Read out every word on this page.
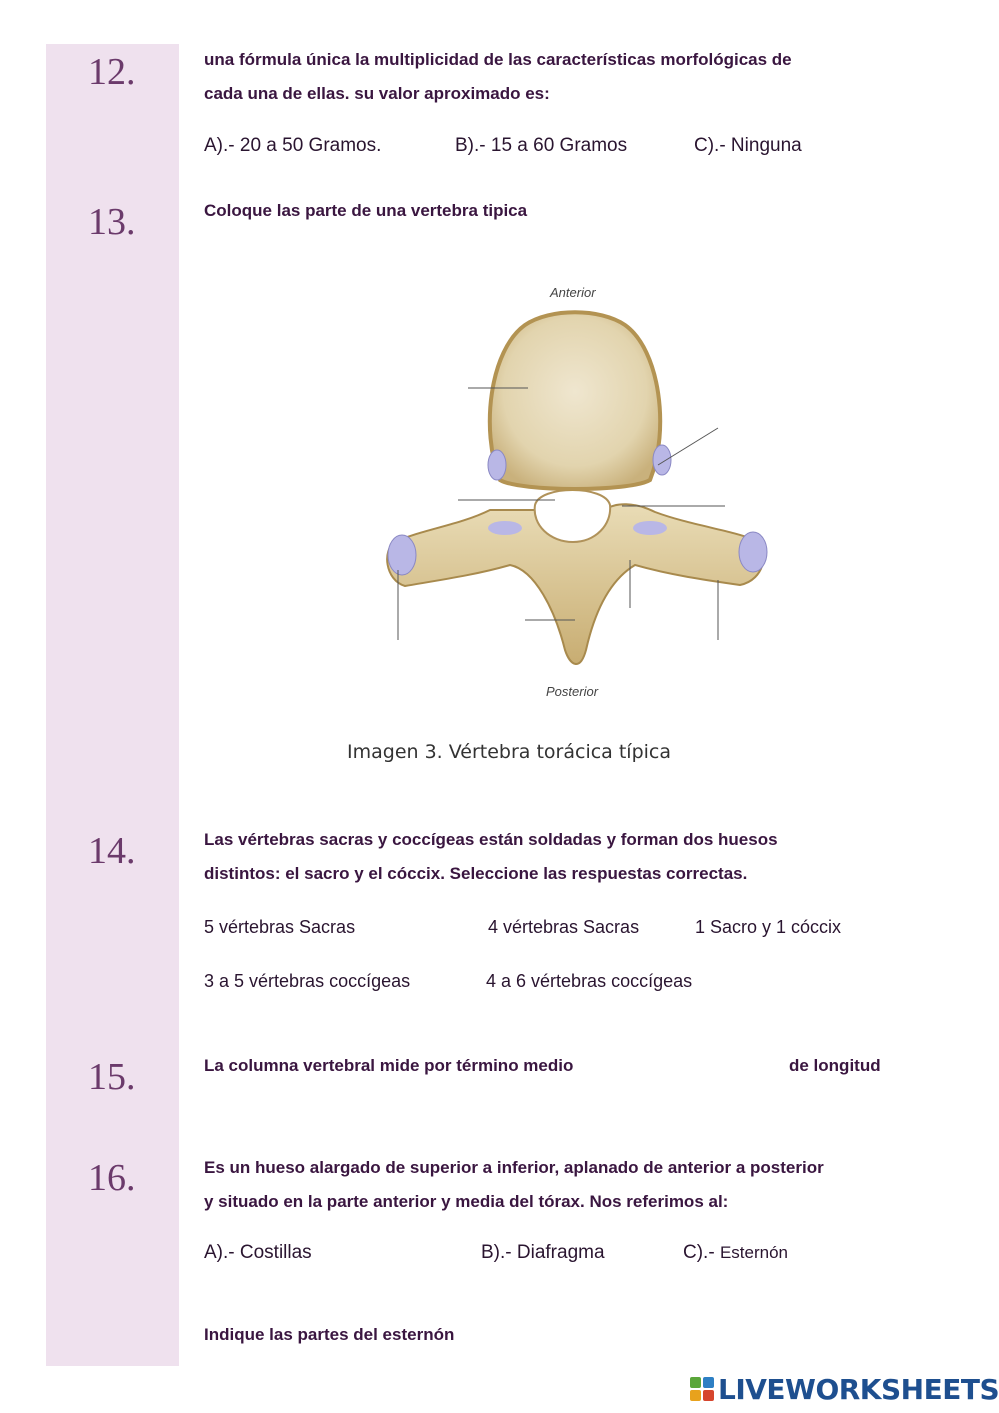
12.	una fórmula única la multiplicidad de las características morfológicas de
cada una de ellas. su valor aproximado es:
A).- 20 a 50 Gramos.	B).- 15 a 60 Gramos	C).- Ninguna
13.	Coloque las parte de una vertebra tipica
Anterior
Posterior
Imagen 3. Vértebra torácica típica
14.	Las vértebras sacras y coccígeas están soldadas y forman dos huesos
distintos: el sacro y el cóccix. Seleccione las respuestas correctas.
5 vértebras Sacras	4 vértebras Sacras	1 Sacro y 1 cóccix
3 a 5 vértebras coccígeas	4 a 6 vértebras coccígeas
15.	La columna vertebral mide por término medio	de longitud
16.	Es un hueso alargado de superior a inferior, aplanado de anterior a posterior
y situado en la parte anterior y media del tórax. Nos referimos al:
A).- Costillas	B).- Diafragma	C).- Esternón
Indique las partes del esternón
LIVEWORKSHEETS
